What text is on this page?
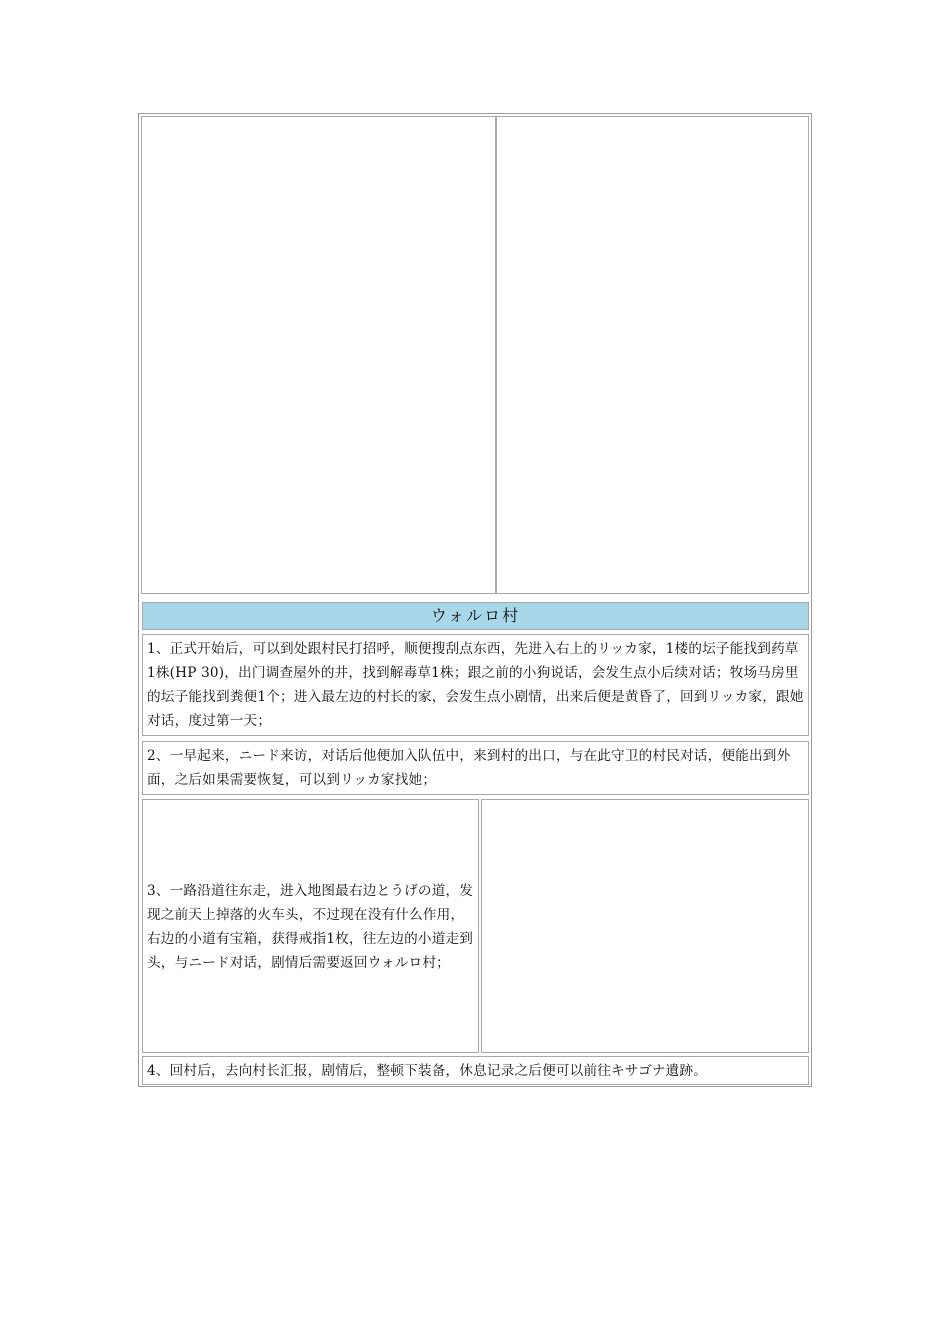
ウォルロ村
1、正式开始后，可以到处跟村民打招呼，顺便搜刮点东西，先进入右上的リッカ家，1楼的坛子能找到药草1株(HP 30)，出门调查屋外的井，找到解毒草1株；跟之前的小狗说话，会发生点小后续对话；牧场马房里的坛子能找到粪便1个；进入最左边的村长的家，会发生点小剧情，出来后便是黄昏了，回到リッカ家，跟她对话，度过第一天；
2、一早起来，ニード来访，对话后他便加入队伍中，来到村的出口，与在此守卫的村民对话，便能出到外面，之后如果需要恢复，可以到リッカ家找她；
3、一路沿道往东走，进入地图最右边とうげの道，发现之前天上掉落的火车头，不过现在没有什么作用，右边的小道有宝箱，获得戒指1枚，往左边的小道走到头，与ニード对话，剧情后需要返回ウォルロ村；
4、回村后，去向村长汇报，剧情后，整顿下装备，休息记录之后便可以前往キサゴナ遺跡。
